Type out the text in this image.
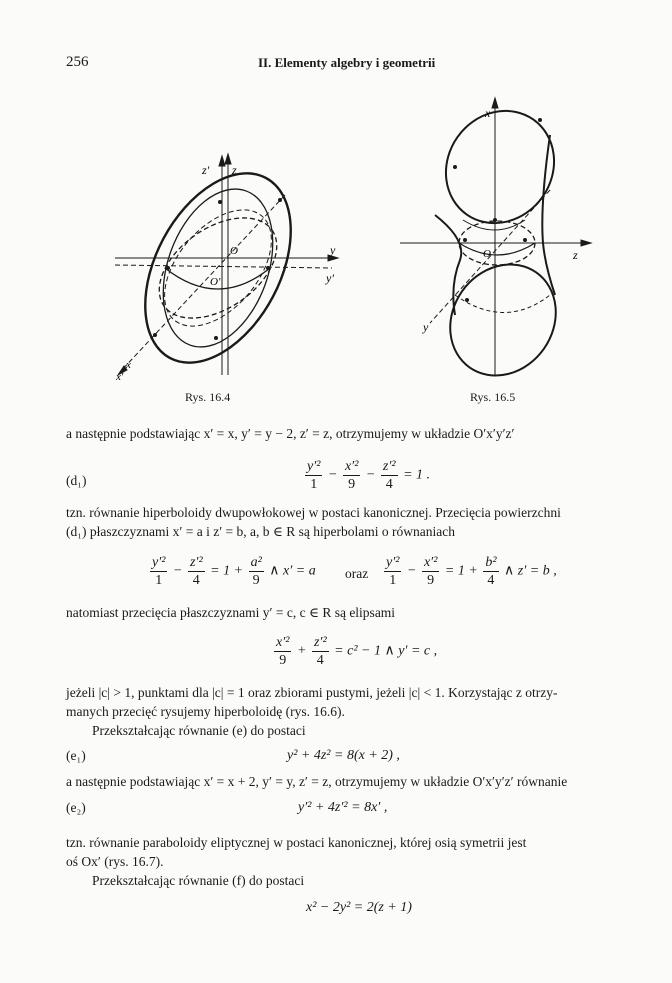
256	II. Elementy algebry i geometrii
z' z
y
y'
x
x'
O
O'
Rys. 16.4
x
z
y
O
Rys. 16.5
a następnie podstawiając x′ = x, y′ = y − 2, z′ = z, otrzymujemy w układzie O′x′y′z′
(d₁)	$\frac{\text{y′²}}{1} - \frac{\text{x′²}}{9} - \frac{\text{z′²}}{4} = 1$ .
tzn. równanie hiperboloidy dwupowłokowej w postaci kanonicznej. Przecięcia powierzchni
(d₁) płaszczyznami x′ = a i z′ = b, a, b ∈ R są hiperbolami o równaniach
$\frac{\text{y′²}}{1} - \frac{\text{z′²}}{4} = 1 + \frac{\text{a²}}{9}$ ∧ x′ = a oraz $\frac{\text{y′²}}{1} - \frac{\text{x′²}}{9} = 1 + \frac{\text{b²}}{4}$ ∧ z′ = b ,
natomiast przecięcia płaszczyznami y′ = c, c ∈ R są elipsami
$\frac{\text{x′²}}{9} + \frac{\text{z′²}}{4} = c^2 - 1$ ∧ y′ = c ,
jeżeli |c| > 1, punktami dla |c| = 1 oraz zbiorami pustymi, jeżeli |c| < 1. Korzystając z otrzy-
manych przecięć rysujemy hiperboloidę (rys. 16.6).
Przekształcając równanie (e) do postaci
(e₁)	y² + 4z² = 8(x + 2) ,
a następnie podstawiając x′ = x + 2, y′ = y, z′ = z, otrzymujemy w układzie O′x′y′z′ równanie
(e₂)	y′² + 4z′² = 8x′ ,
tzn. równanie paraboloidy eliptycznej w postaci kanonicznej, której osią symetrii jest
oś Ox′ (rys. 16.7).
Przekształcając równanie (f) do postaci
x² − 2y² = 2(z + 1)
